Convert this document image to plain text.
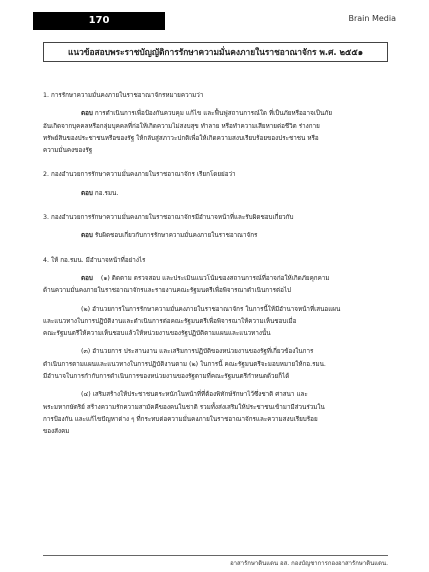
170	Brain Media
แนวข้อสอบพระราชบัญญัติการรักษาความมั่นคงภายในราชอาณาจักร พ.ศ. ๒๕๕๑

1. การรักษาความมั่นคงภายในราชอาณาจักรหมายความว่า

ตอบ การดำเนินการเพื่อป้องกันควบคุม แก้ไข และฟื้นฟูสถานการณ์ใด ที่เป็นภัยหรืออาจเป็นภัย

อันเกิดจากบุคคลหรือกลุ่มบุคคลที่ก่อให้เกิดความไม่สงบสุข ทำลาย หรือทำความเสียหายต่อชีวิต ร่างกาย

ทรัพย์สินของประชาชนหรือของรัฐ ให้กลับสู่สภาวะปกติเพื่อให้เกิดความสงบเรียบร้อยของประชาชน หรือ

ความมั่นคงของรัฐ

2. กองอำนวยการรักษาความมั่นคงภายในราชอาณาจักร เรียกโดยย่อว่า

ตอบ กอ.รมน.

3. กองอำนวยการรักษาความมั่นคงภายในราชอาณาจักรมีอำนาจหน้าที่และรับผิดชอบเกี่ยวกับ

ตอบ รับผิดชอบเกี่ยวกับการรักษาความมั่นคงภายในราชอาณาจักร

4. ให้ กอ.รมน. มีอำนาจหน้าที่อย่างไร

ตอบ (๑) ติดตาม ตรวจสอบ และประเมินแนวโน้มของสถานการณ์ที่อาจก่อให้เกิดภัยคุกคาม

ด้านความมั่นคงภายในราชอาณาจักรและรายงานคณะรัฐมนตรีเพื่อพิจารณาดำเนินการต่อไป

(๒) อำนวยการในการรักษาความมั่นคงภายในราชอาณาจักร ในการนี้ให้มีอำนาจหน้าที่เสนอแผน

และแนวทางในการปฏิบัติงานและดำเนินการต่อคณะรัฐมนตรีเพื่อพิจารณาให้ความเห็นชอบเมื่อ

คณะรัฐมนตรีให้ความเห็นชอบแล้วให้หน่วยงานของรัฐปฏิบัติตามแผนและแนวทางนั้น

(๓) อำนวยการ ประสานงาน และเสริมการปฏิบัติของหน่วยงานของรัฐที่เกี่ยวข้องในการ

ดำเนินการตามแผนและแนวทางในการปฏิบัติงานตาม (๒) ในการนี้ คณะรัฐมนตรีจะมอบหมายให้กอ.รมน.

มีอำนาจในการกำกับการดำเนินการของหน่วยงานของรัฐตามที่คณะรัฐมนตรีกำหนดด้วยก็ได้

(๔) เสริมสร้างให้ประชาชนตระหนักในหน้าที่ที่ต้องพิทักษ์รักษาไว้ซึ่งชาติ ศาสนา และ

พระมหากษัตริย์ สร้างความรักความสามัคคีของคนในชาติ รวมทั้งส่งเสริมให้ประชาชนเข้ามามีส่วนร่วมใน

การป้องกัน และแก้ไขปัญหาต่าง ๆ ที่กระทบต่อความมั่นคงภายในราชอาณาจักรและความสงบเรียบร้อย

ของสังคม

อาสารักษาดินแดน อส. กองบัญชาการกองอาสารักษาดินแดน.
